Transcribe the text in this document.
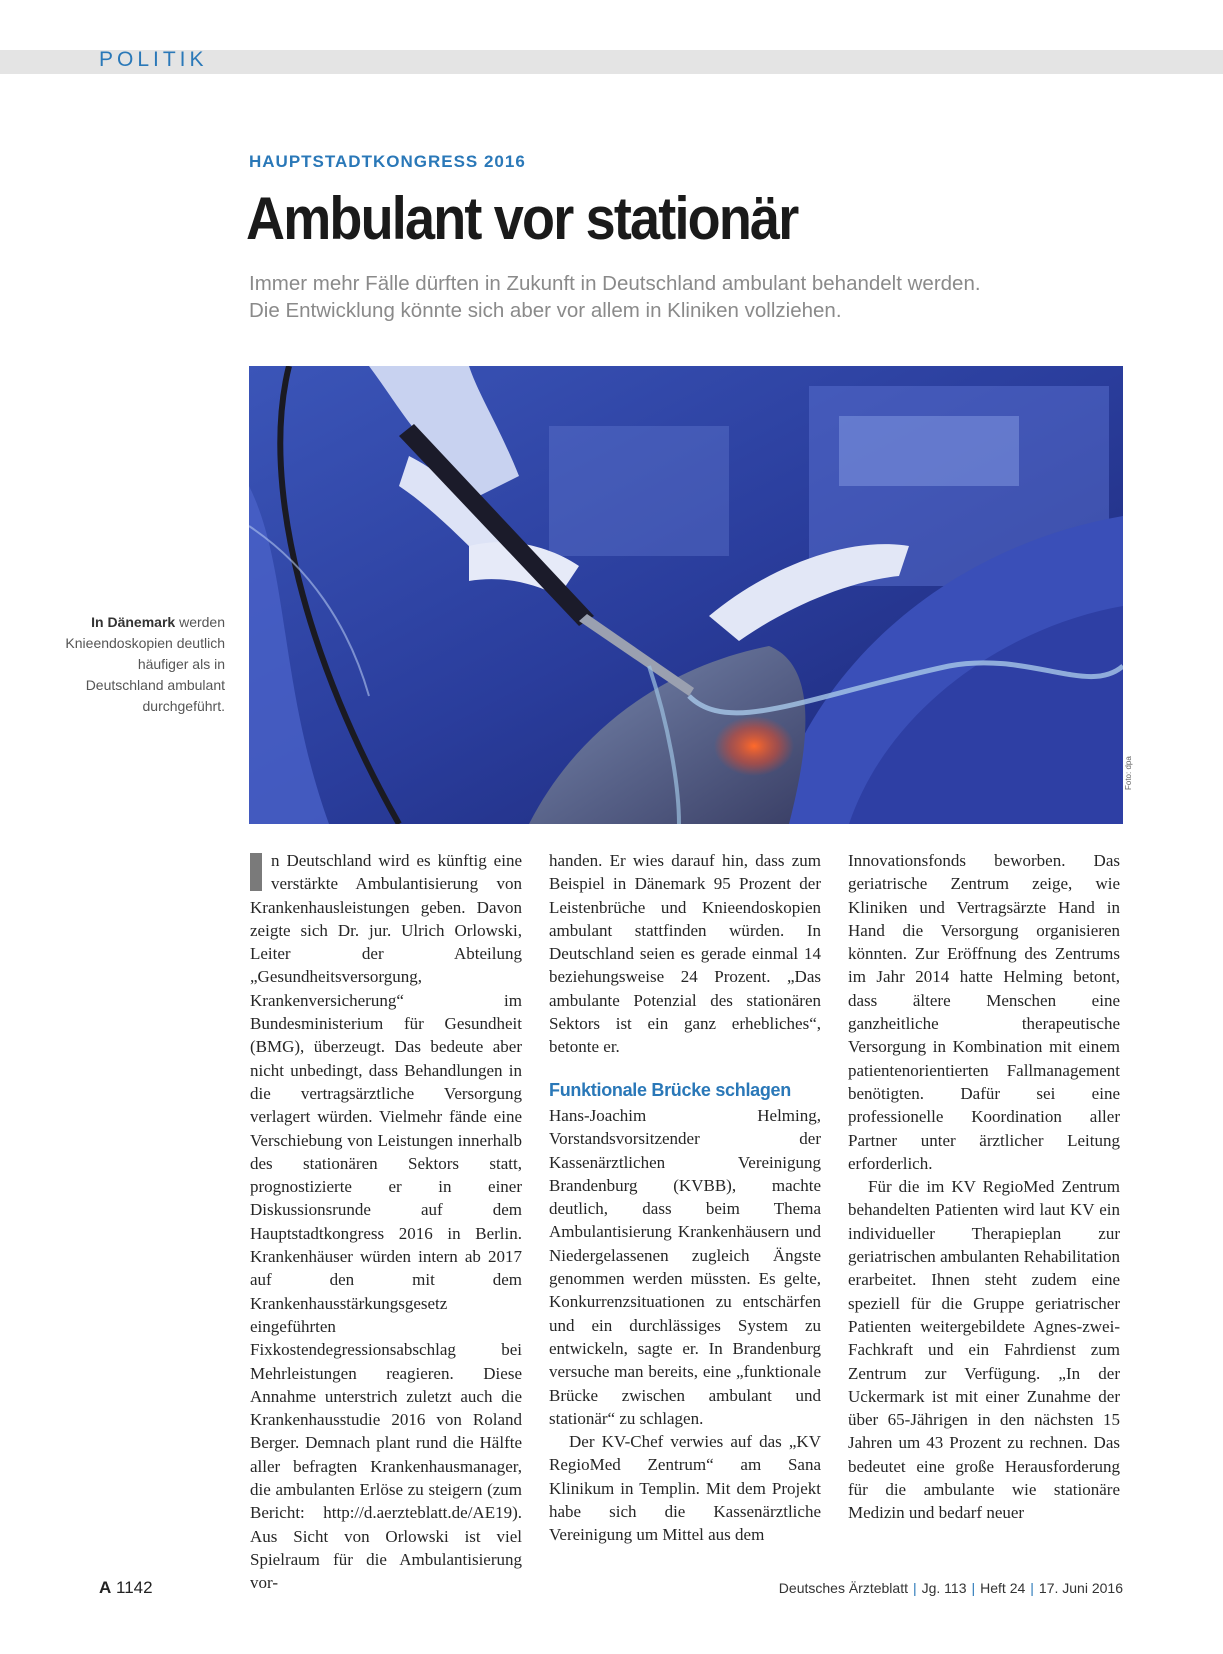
POLITIK
HAUPTSTADTKONGRESS 2016
Ambulant vor stationär
Immer mehr Fälle dürften in Zukunft in Deutschland ambulant behandelt werden.
Die Entwicklung könnte sich aber vor allem in Kliniken vollziehen.
Foto: dpa
In Dänemark werden Knieendoskopien deutlich häufiger als in Deutschland ambulant durchgeführt.

n Deutschland wird es künftig eine verstärkte Ambulantisierung von Krankenhausleistungen geben. Davon zeigte sich Dr. jur. Ulrich Orlowski, Leiter der Abteilung „Gesundheitsversorgung, Krankenversicherung“ im Bundesministerium für Gesundheit (BMG), überzeugt. Das bedeute aber nicht unbedingt, dass Behandlungen in die vertragsärztliche Versorgung verlagert würden. Vielmehr fände eine Verschiebung von Leistungen innerhalb des stationären Sektors statt, prognostizierte er in einer Diskussionsrunde auf dem Hauptstadtkongress 2016 in Berlin. Krankenhäuser würden intern ab 2017 auf den mit dem Krankenhausstärkungsgesetz eingeführten Fixkostendegressionsabschlag bei Mehrleistungen reagieren. Diese Annahme unterstrich zuletzt auch die Krankenhausstudie 2016 von Roland Berger. Demnach plant rund die Hälfte aller befragten Krankenhausmanager, die ambulanten Erlöse zu steigern (zum Bericht: http://d.aerzteblatt.de/AE19). Aus Sicht von Orlowski ist viel Spielraum für die Ambulantisierung vor-

handen. Er wies darauf hin, dass zum Beispiel in Dänemark 95 Prozent der Leistenbrüche und Knieendoskopien ambulant stattfinden würden. In Deutschland seien es gerade einmal 14 beziehungsweise 24 Prozent. „Das ambulante Potenzial des stationären Sektors ist ein ganz erhebliches“, betonte er.

Funktionale Brücke schlagen

Hans-Joachim Helming, Vorstandsvorsitzender der Kassenärztlichen Vereinigung Brandenburg (KVBB), machte deutlich, dass beim Thema Ambulantisierung Krankenhäusern und Niedergelassenen zugleich Ängste genommen werden müssten. Es gelte, Konkurrenzsituationen zu entschärfen und ein durchlässiges System zu entwickeln, sagte er. In Brandenburg versuche man bereits, eine „funktionale Brücke zwischen ambulant und stationär“ zu schlagen.

Der KV-Chef verwies auf das „KV RegioMed Zentrum“ am Sana Klinikum in Templin. Mit dem Projekt habe sich die Kassenärztliche Vereinigung um Mittel aus dem

Innovationsfonds beworben. Das geriatrische Zentrum zeige, wie Kliniken und Vertragsärzte Hand in Hand die Versorgung organisieren könnten. Zur Eröffnung des Zentrums im Jahr 2014 hatte Helming betont, dass ältere Menschen eine ganzheitliche therapeutische Versorgung in Kombination mit einem patientenorientierten Fallmanagement benötigten. Dafür sei eine professionelle Koordination aller Partner unter ärztlicher Leitung erforderlich.

Für die im KV RegioMed Zentrum behandelten Patienten wird laut KV ein individueller Therapieplan zur geriatrischen ambulanten Rehabilitation erarbeitet. Ihnen steht zudem eine speziell für die Gruppe geriatrischer Patienten weitergebildete Agnes-zwei-Fachkraft und ein Fahrdienst zum Zentrum zur Verfügung. „In der Uckermark ist mit einer Zunahme der über 65-Jährigen in den nächsten 15 Jahren um 43 Prozent zu rechnen. Das bedeutet eine große Herausforderung für die ambulante wie stationäre Medizin und bedarf neuer

A 1142	Deutsches Ärzteblatt | Jg. 113 | Heft 24 | 17. Juni 2016
